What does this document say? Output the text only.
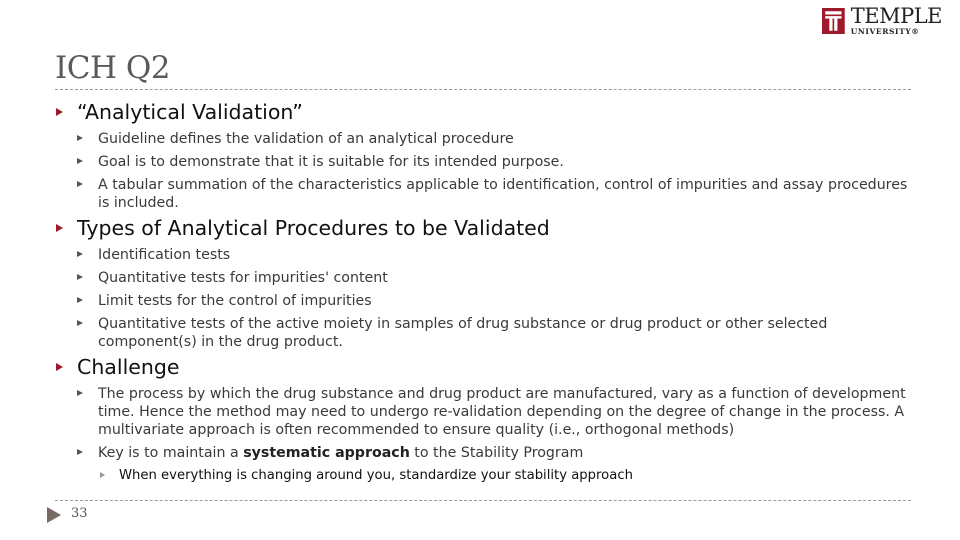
TEMPLE
UNIVERSITY®
ICH Q2

“Analytical Validation”

Guideline defines the validation of an analytical procedure

Goal is to demonstrate that it is suitable for its intended purpose.

A tabular summation of the characteristics applicable to identification, control of impurities and assay procedures is included.

Types of Analytical Procedures to be Validated

Identification tests

Quantitative tests for impurities' content

Limit tests for the control of impurities

Quantitative tests of the active moiety in samples of drug substance or drug product or other selected component(s) in the drug product.

Challenge

The process by which the drug substance and drug product are manufactured, vary as a function of development time. Hence the method may need to undergo re-validation depending on the degree of change in the process. A multivariate approach is often recommended to ensure quality (i.e., orthogonal methods)

Key is to maintain a systematic approach to the Stability Program

When everything is changing around you, standardize your stability approach

33
